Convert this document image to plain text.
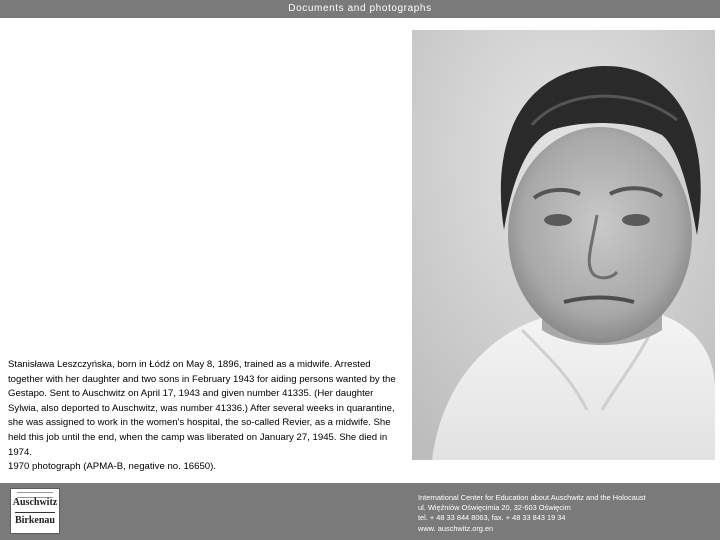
Documents and photographs

Stanisława Leszczyńska, born in Łódź on May 8, 1896, trained as a midwife. Arrested together with her daughter and two sons in February 1943 for aiding persons wanted by the Gestapo. Sent to Auschwitz on April 17, 1943 and given number 41335. (Her daughter Sylwia, also deported to Auschwitz, was number 41336.) After several weeks in quarantine, she was assigned to work in the women's hospital, the so-called Revier, as a midwife. She held this job until the end, when the camp was liberated on January 27, 1945. She died in 1974.

1970 photograph (APMA-B, negative no. 16650).

Auschwitz
Birkenau
International Center for Education about Auschwitz and the Holocaust
ul. Więźniów Oświęcimia 20, 32-603 Oświęcim
tel. + 48 33 844 8063, fax. + 48 33 843 19 34
www. auschwitz.org.en
